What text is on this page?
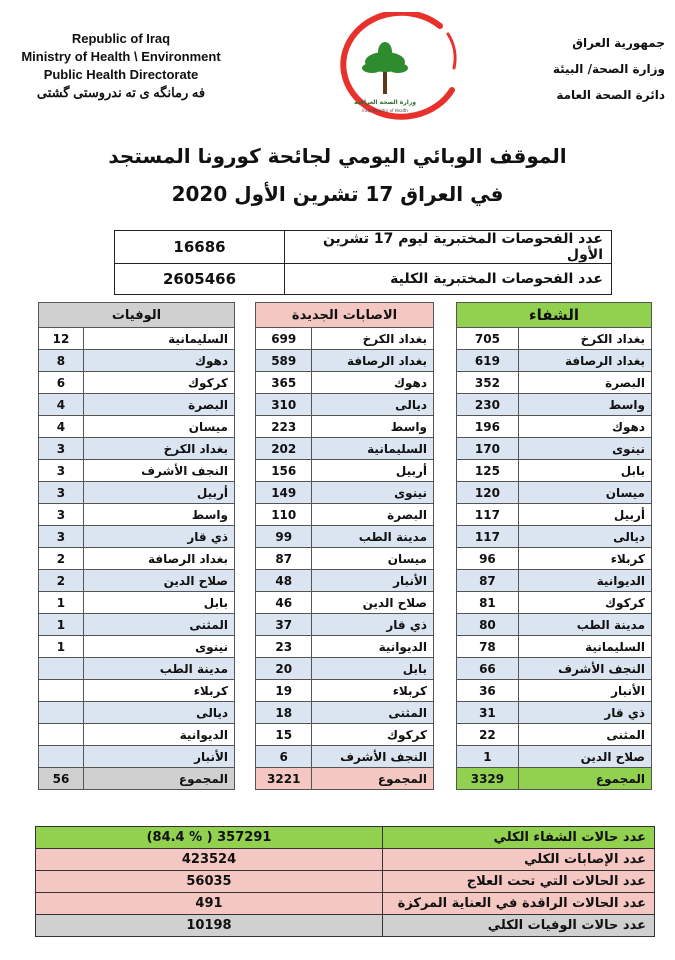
Republic of Iraq
Ministry of Health \ Environment
Public Health Directorate
فه رمانگه ی ته ندروستی گشتی
وزارة الصحة العراقية
Iraqi Ministry of Health
جمهورية العراق
وزارة الصحة/ البيئة
دائرة الصحة العامة
الموقف الوبائي اليومي لجائحة كورونا المستجد
في العراق 17 تشرين الأول 2020
16686	عدد الفحوصات المختبرية ليوم 17 تشرين الأول
2605466	عدد الفحوصات المختبرية الكلية
الشفاء	
705	بغداد الكرخ
619	بغداد الرصافة
352	البصرة
230	واسط
196	دهوك
170	نينوى
125	بابل
120	ميسان
117	أربيل
117	ديالى
96	كربلاء
87	الديوانية
81	كركوك
80	مدينة الطب
78	السليمانية
66	النجف الأشرف
36	الأنبار
31	ذي قار
22	المثنى
1	صلاح الدين
3329	المجموع
الاصابات الجديدة	
699	بغداد الكرخ
589	بغداد الرصافة
365	دهوك
310	ديالى
223	واسط
202	السليمانية
156	أربيل
149	نينوى
110	البصرة
99	مدينة الطب
87	ميسان
48	الأنبار
46	صلاح الدين
37	ذي قار
23	الديوانية
20	بابل
19	كربلاء
18	المثنى
15	كركوك
6	النجف الأشرف
3221	المجموع
الوفيات	
12	السليمانية
8	دهوك
6	كركوك
4	البصرة
4	ميسان
3	بغداد الكرخ
3	النجف الأشرف
3	أربيل
3	واسط
3	ذي قار
2	بغداد الرصافة
2	صلاح الدين
1	بابل
1	المثنى
1	نينوى
	مدينة الطب
	كربلاء
	ديالى
	الديوانية
	الأنبار
56	المجموع
(84.4 % ) 357291	عدد حالات الشفاء الكلي
423524	عدد الإصابات الكلي
56035	عدد الحالات التي تحت العلاج
491	عدد الحالات الراقدة في العناية المركزة
10198	عدد حالات الوفيات الكلي
